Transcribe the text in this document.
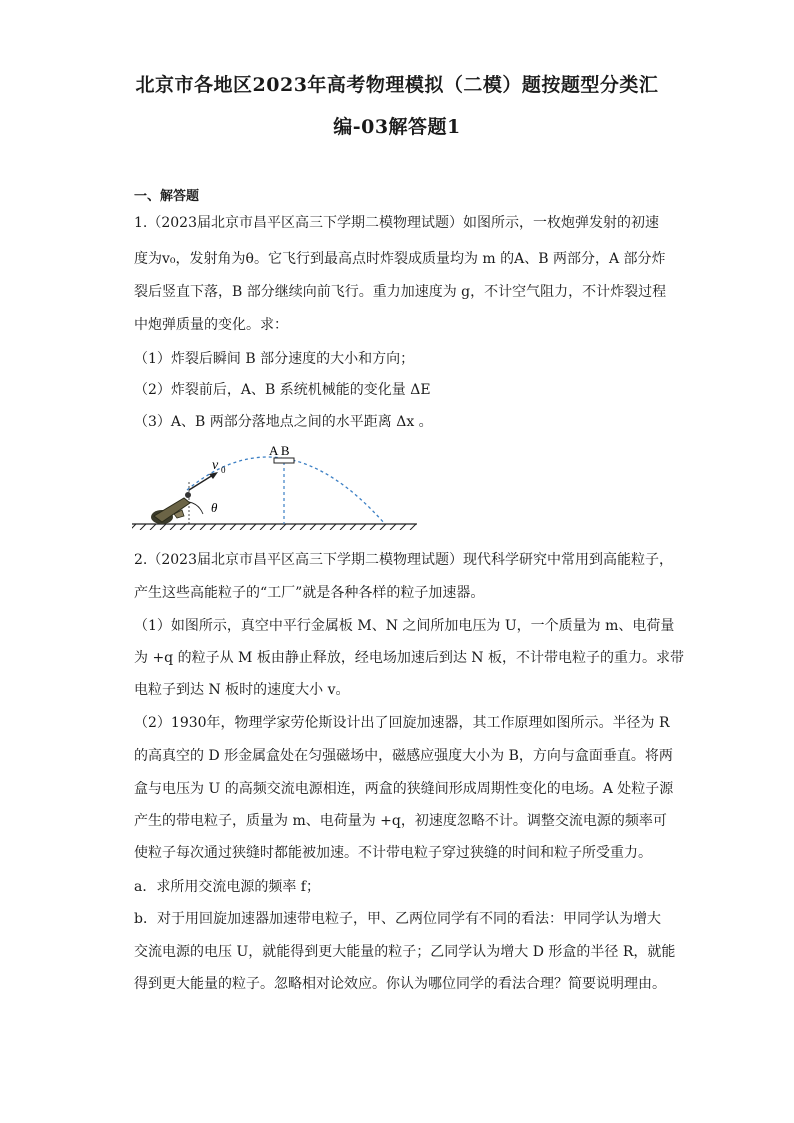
北京市各地区2023年高考物理模拟（二模）题按题型分类汇
编-03解答题1
一、解答题
1.（2023届北京市昌平区高三下学期二模物理试题）如图所示，一枚炮弹发射的初速
度为v₀，发射角为θ。它飞行到最高点时炸裂成质量均为 m 的A、B 两部分，A 部分炸
裂后竖直下落，B 部分继续向前飞行。重力加速度为 g，不计空气阻力，不计炸裂过程
中炮弹质量的变化。求：
（1）炸裂后瞬间 B 部分速度的大小和方向；
（2）炸裂前后，A、B 系统机械能的变化量 ΔE
（3）A、B 两部分落地点之间的水平距离 Δx 。
A B
v 0
θ
2.（2023届北京市昌平区高三下学期二模物理试题）现代科学研究中常用到高能粒子，
产生这些高能粒子的“工厂”就是各种各样的粒子加速器。
（1）如图所示，真空中平行金属板 M、N 之间所加电压为 U，一个质量为 m、电荷量
为 +q 的粒子从 M 板由静止释放，经电场加速后到达 N 板，不计带电粒子的重力。求带
电粒子到达 N 板时的速度大小 v。
（2）1930年，物理学家劳伦斯设计出了回旋加速器，其工作原理如图所示。半径为 R
的高真空的 D 形金属盒处在匀强磁场中，磁感应强度大小为 B，方向与盒面垂直。将两
盒与电压为 U 的高频交流电源相连，两盒的狭缝间形成周期性变化的电场。A 处粒子源
产生的带电粒子，质量为 m、电荷量为 +q，初速度忽略不计。调整交流电源的频率可
使粒子每次通过狭缝时都能被加速。不计带电粒子穿过狭缝的时间和粒子所受重力。
a．求所用交流电源的频率 f；
b．对于用回旋加速器加速带电粒子，甲、乙两位同学有不同的看法：甲同学认为增大
交流电源的电压 U，就能得到更大能量的粒子；乙同学认为增大 D 形盒的半径 R，就能
得到更大能量的粒子。忽略相对论效应。你认为哪位同学的看法合理？简要说明理由。
